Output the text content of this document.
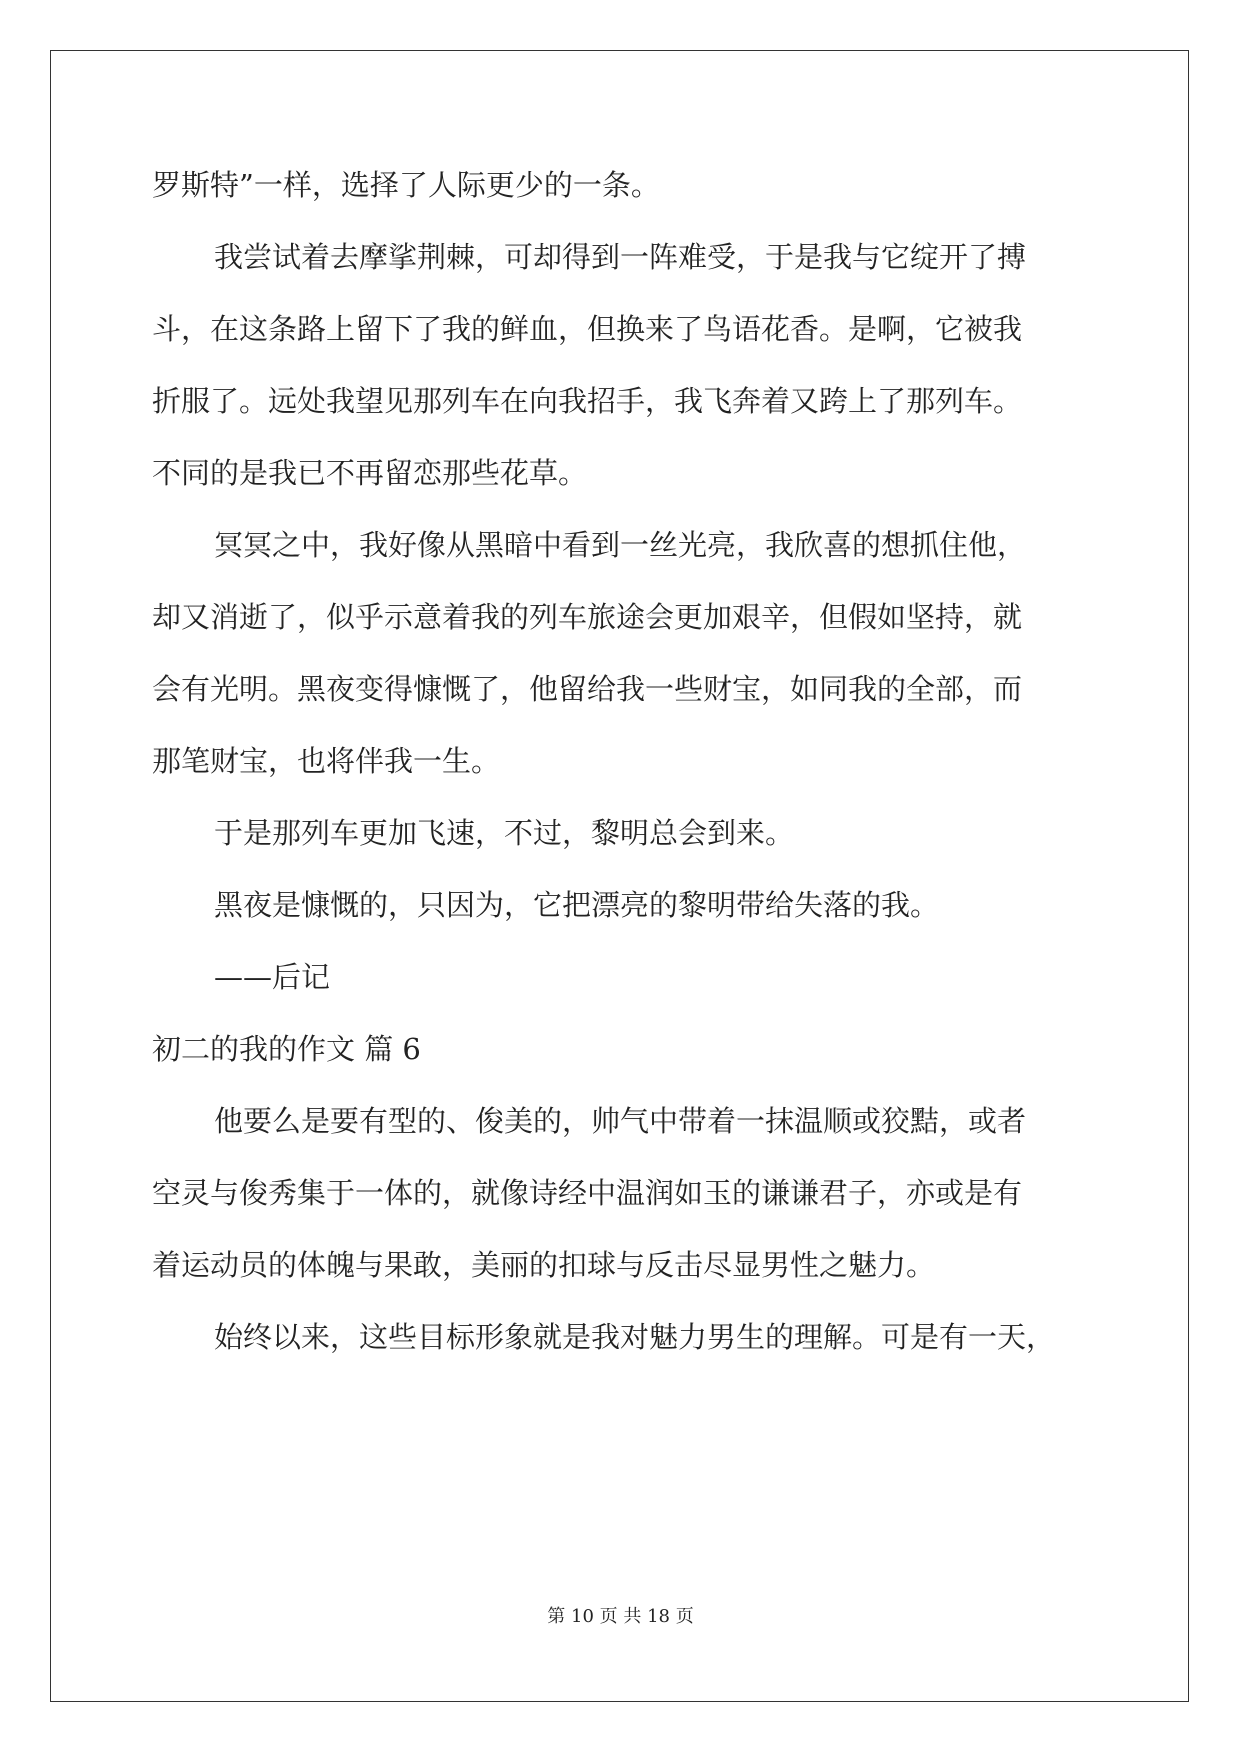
罗斯特”一样，选择了人际更少的一条。
我尝试着去摩挲荆棘，可却得到一阵难受，于是我与它绽开了搏
斗，在这条路上留下了我的鲜血，但换来了鸟语花香。是啊，它被我
折服了。远处我望见那列车在向我招手，我飞奔着又跨上了那列车。
不同的是我已不再留恋那些花草。
冥冥之中，我好像从黑暗中看到一丝光亮，我欣喜的想抓住他，
却又消逝了，似乎示意着我的列车旅途会更加艰辛，但假如坚持，就
会有光明。黑夜变得慷慨了，他留给我一些财宝，如同我的全部，而
那笔财宝，也将伴我一生。
于是那列车更加飞速，不过，黎明总会到来。
黑夜是慷慨的，只因为，它把漂亮的黎明带给失落的我。
——后记
初二的我的作文 篇 6
他要么是要有型的、俊美的，帅气中带着一抹温顺或狡黠，或者
空灵与俊秀集于一体的，就像诗经中温润如玉的谦谦君子，亦或是有
着运动员的体魄与果敢，美丽的扣球与反击尽显男性之魅力。
始终以来，这些目标形象就是我对魅力男生的理解。可是有一天，
第 10 页 共 18 页
